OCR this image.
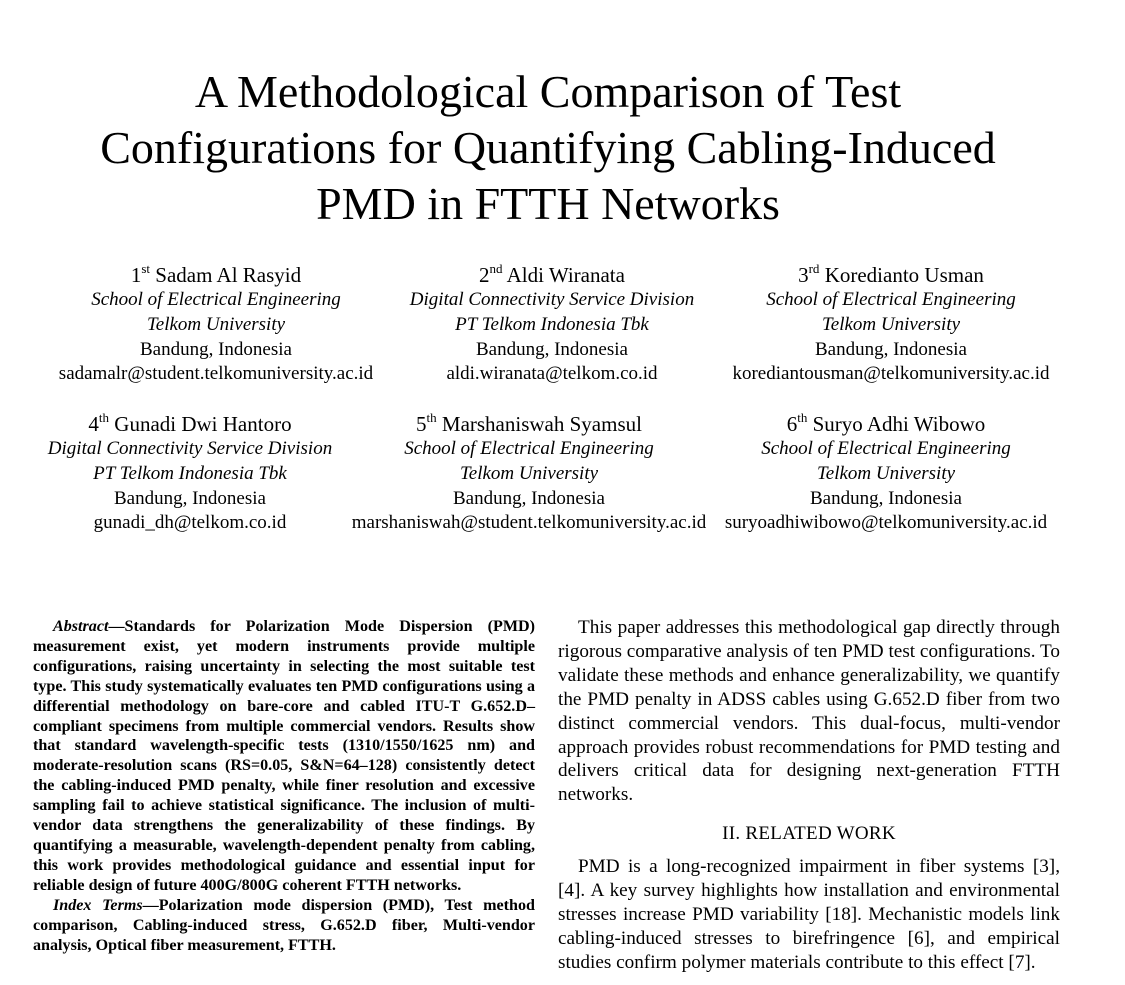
A Methodological Comparison of Test
Configurations for Quantifying Cabling-Induced
PMD in FTTH Networks
1st Sadam Al Rasyid
School of Electrical Engineering
Telkom University
Bandung, Indonesia
sadamalr@student.telkomuniversity.ac.id
2nd Aldi Wiranata
Digital Connectivity Service Division
PT Telkom Indonesia Tbk
Bandung, Indonesia
aldi.wiranata@telkom.co.id
3rd Koredianto Usman
School of Electrical Engineering
Telkom University
Bandung, Indonesia
korediantousman@telkomuniversity.ac.id
4th Gunadi Dwi Hantoro
Digital Connectivity Service Division
PT Telkom Indonesia Tbk
Bandung, Indonesia
gunadi_dh@telkom.co.id
5th Marshaniswah Syamsul
School of Electrical Engineering
Telkom University
Bandung, Indonesia
marshaniswah@student.telkomuniversity.ac.id
6th Suryo Adhi Wibowo
School of Electrical Engineering
Telkom University
Bandung, Indonesia
suryoadhiwibowo@telkomuniversity.ac.id
Abstract—Standards for Polarization Mode Dispersion (PMD) measurement exist, yet modern instruments provide multiple configurations, raising uncertainty in selecting the most suitable test type. This study systematically evaluates ten PMD configurations using a differential methodology on bare-core and cabled ITU-T G.652.D–compliant specimens from multiple commercial vendors. Results show that standard wavelength-specific tests (1310/1550/1625 nm) and moderate-resolution scans (RS=0.05, S&N=64–128) consistently detect the cabling-induced PMD penalty, while finer resolution and excessive sampling fail to achieve statistical significance. The inclusion of multi-vendor data strengthens the generalizability of these findings. By quantifying a measurable, wavelength-dependent penalty from cabling, this work provides methodological guidance and essential input for reliable design of future 400G/800G coherent FTTH networks.
Index Terms—Polarization mode dispersion (PMD), Test method comparison, Cabling-induced stress, G.652.D fiber, Multi-vendor analysis, Optical fiber measurement, FTTH.

This paper addresses this methodological gap directly through rigorous comparative analysis of ten PMD test configurations. To validate these methods and enhance generalizability, we quantify the PMD penalty in ADSS cables using G.652.D fiber from two distinct commercial vendors. This dual-focus, multi-vendor approach provides robust recommendations for PMD testing and delivers critical data for designing next-generation FTTH networks.

II. RELATED WORK

PMD is a long-recognized impairment in fiber systems [3], [4]. A key survey highlights how installation and environmental stresses increase PMD variability [18]. Mechanistic models link cabling-induced stresses to birefringence [6], and empirical studies confirm polymer materials contribute to this effect [7].
